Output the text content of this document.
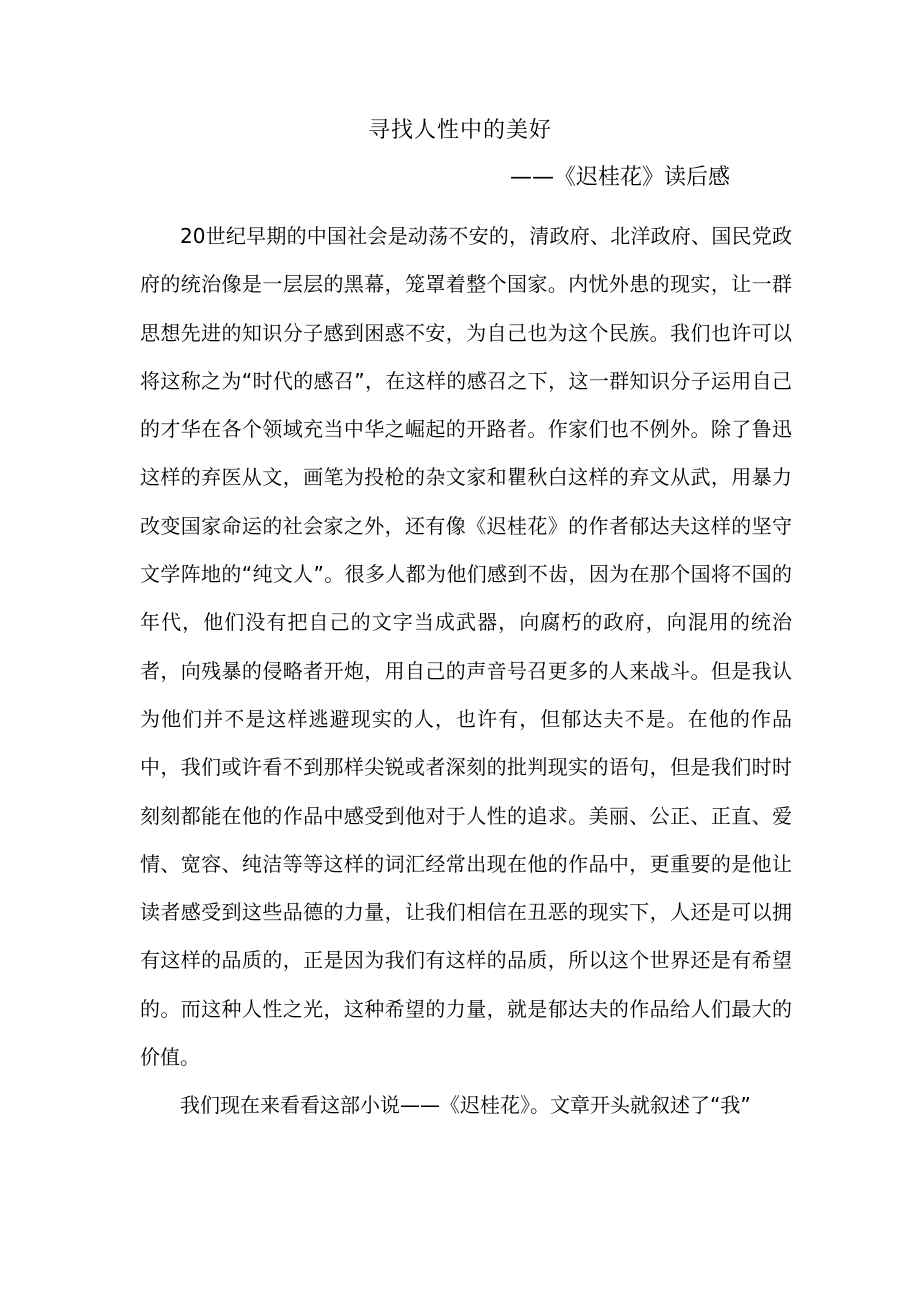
寻找人性中的美好
——《迟桂花》读后感

20世纪早期的中国社会是动荡不安的，清政府、北洋政府、国民党政府的统治像是一层层的黑幕，笼罩着整个国家。内忧外患的现实，让一群思想先进的知识分子感到困惑不安，为自己也为这个民族。我们也许可以将这称之为“时代的感召”，在这样的感召之下，这一群知识分子运用自己的才华在各个领域充当中华之崛起的开路者。作家们也不例外。除了鲁迅这样的弃医从文，画笔为投枪的杂文家和瞿秋白这样的弃文从武，用暴力改变国家命运的社会家之外，还有像《迟桂花》的作者郁达夫这样的坚守文学阵地的“纯文人”。很多人都为他们感到不齿，因为在那个国将不国的年代，他们没有把自己的文字当成武器，向腐朽的政府，向混用的统治者，向残暴的侵略者开炮，用自己的声音号召更多的人来战斗。但是我认为他们并不是这样逃避现实的人，也许有，但郁达夫不是。在他的作品中，我们或许看不到那样尖锐或者深刻的批判现实的语句，但是我们时时刻刻都能在他的作品中感受到他对于人性的追求。美丽、公正、正直、爱情、宽容、纯洁等等这样的词汇经常出现在他的作品中，更重要的是他让读者感受到这些品德的力量，让我们相信在丑恶的现实下，人还是可以拥有这样的品质的，正是因为我们有这样的品质，所以这个世界还是有希望的。而这种人性之光，这种希望的力量，就是郁达夫的作品给人们最大的价值。

我们现在来看看这部小说——《迟桂花》。文章开头就叙述了“我”
